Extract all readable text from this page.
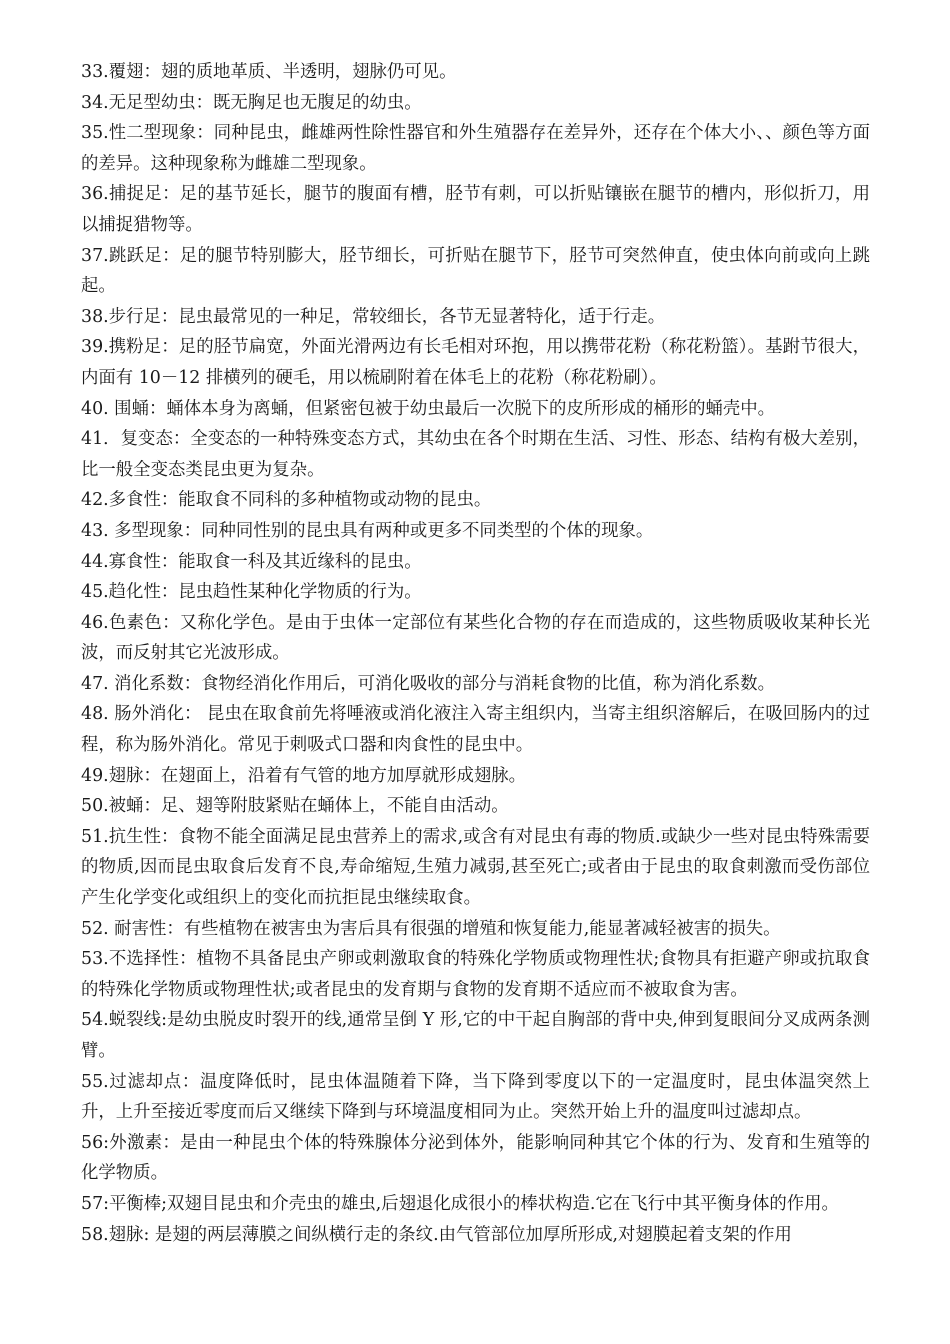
33.覆翅：翅的质地革质、半透明，翅脉仍可见。

34.无足型幼虫：既无胸足也无腹足的幼虫。

35.性二型现象：同种昆虫，雌雄两性除性器官和外生殖器存在差异外，还存在个体大小、、颜色等方面的差异。这种现象称为雌雄二型现象。

36.捕捉足：足的基节延长，腿节的腹面有槽，胫节有刺，可以折贴镶嵌在腿节的槽内，形似折刀，用以捕捉猎物等。

37.跳跃足：足的腿节特别膨大，胫节细长，可折贴在腿节下，胫节可突然伸直，使虫体向前或向上跳起。

38.步行足：昆虫最常见的一种足，常较细长，各节无显著特化，适于行走。

39.携粉足：足的胫节扁宽，外面光滑两边有长毛相对环抱，用以携带花粉（称花粉篮）。基跗节很大，内面有 10－12 排横列的硬毛，用以梳刷附着在体毛上的花粉（称花粉刷）。

40. 围蛹：蛹体本身为离蛹，但紧密包被于幼虫最后一次脱下的皮所形成的桶形的蛹壳中。

41．复变态：全变态的一种特殊变态方式，其幼虫在各个时期在生活、习性、形态、结构有极大差别，比一般全变态类昆虫更为复杂。

42.多食性：能取食不同科的多种植物或动物的昆虫。

43. 多型现象：同种同性别的昆虫具有两种或更多不同类型的个体的现象。

44.寡食性：能取食一科及其近缘科的昆虫。

45.趋化性：昆虫趋性某种化学物质的行为。

46.色素色：又称化学色。是由于虫体一定部位有某些化合物的存在而造成的，这些物质吸收某种长光波，而反射其它光波形成。

47. 消化系数：食物经消化作用后，可消化吸收的部分与消耗食物的比值，称为消化系数。

48. 肠外消化： 昆虫在取食前先将唾液或消化液注入寄主组织内，当寄主组织溶解后，在吸回肠内的过程，称为肠外消化。常见于刺吸式口器和肉食性的昆虫中。

49.翅脉：在翅面上，沿着有气管的地方加厚就形成翅脉。

50.被蛹：足、翅等附肢紧贴在蛹体上，不能自由活动。

51.抗生性：食物不能全面满足昆虫营养上的需求,或含有对昆虫有毒的物质.或缺少一些对昆虫特殊需要的物质,因而昆虫取食后发育不良,寿命缩短,生殖力减弱,甚至死亡;或者由于昆虫的取食刺激而受伤部位产生化学变化或组织上的变化而抗拒昆虫继续取食。

52. 耐害性：有些植物在被害虫为害后具有很强的增殖和恢复能力,能显著减轻被害的损失。

53.不选择性：植物不具备昆虫产卵或刺激取食的特殊化学物质或物理性状;食物具有拒避产卵或抗取食的特殊化学物质或物理性状;或者昆虫的发育期与食物的发育期不适应而不被取食为害。

54.蜕裂线:是幼虫脱皮时裂开的线,通常呈倒 Y 形,它的中干起自胸部的背中央,伸到复眼间分叉成两条测臂。

55.过滤却点：温度降低时，昆虫体温随着下降，当下降到零度以下的一定温度时，昆虫体温突然上升，上升至接近零度而后又继续下降到与环境温度相同为止。突然开始上升的温度叫过滤却点。

56:外激素：是由一种昆虫个体的特殊腺体分泌到体外，能影响同种其它个体的行为、发育和生殖等的化学物质。

57:平衡棒;双翅目昆虫和介壳虫的雄虫,后翅退化成很小的棒状构造.它在飞行中其平衡身体的作用。

58.翅脉: 是翅的两层薄膜之间纵横行走的条纹.由气管部位加厚所形成,对翅膜起着支架的作用
